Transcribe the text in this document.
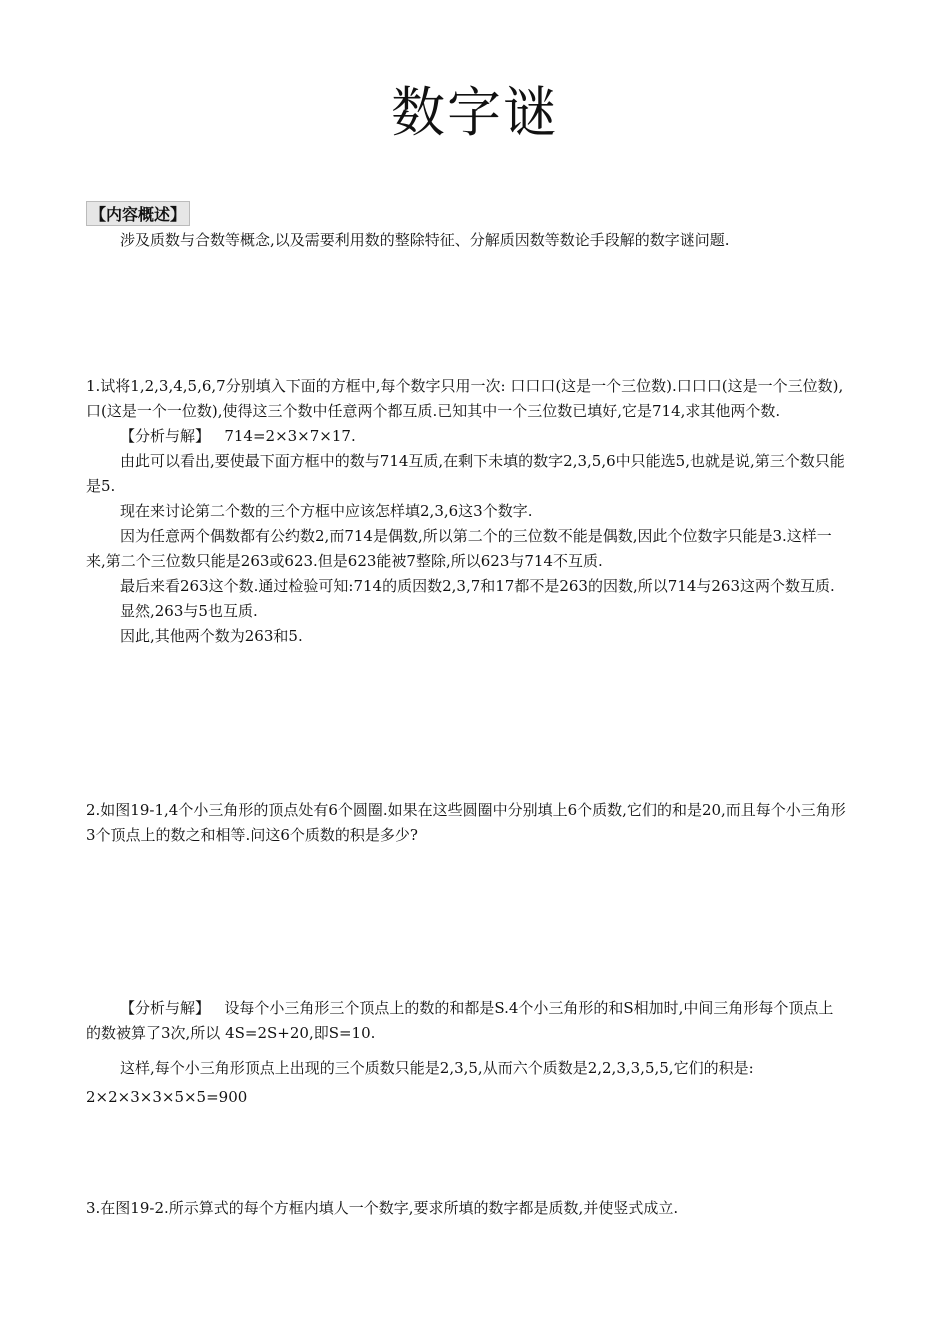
数字谜
【内容概述】

涉及质数与合数等概念,以及需要利用数的整除特征、分解质因数等数论手段解的数字谜问题.

1.试将1,2,3,4,5,6,7分别填入下面的方框中,每个数字只用一次: 口口口(这是一个三位数).口口口(这是一个三位数),口(这是一个一位数),使得这三个数中任意两个都互质.已知其中一个三位数已填好,它是714,求其他两个数.

【分析与解】 714=2×3×7×17.

由此可以看出,要使最下面方框中的数与714互质,在剩下未填的数字2,3,5,6中只能选5,也就是说,第三个数只能是5.

现在来讨论第二个数的三个方框中应该怎样填2,3,6这3个数字.

因为任意两个偶数都有公约数2,而714是偶数,所以第二个的三位数不能是偶数,因此个位数字只能是3.这样一来,第二个三位数只能是263或623.但是623能被7整除,所以623与714不互质.

最后来看263这个数.通过检验可知:714的质因数2,3,7和17都不是263的因数,所以714与263这两个数互质.

显然,263与5也互质.

因此,其他两个数为263和5.

2.如图19-1,4个小三角形的顶点处有6个圆圈.如果在这些圆圈中分别填上6个质数,它们的和是20,而且每个小三角形3个顶点上的数之和相等.问这6个质数的积是多少?

【分析与解】 设每个小三角形三个顶点上的数的和都是S.4个小三角形的和S相加时,中间三角形每个顶点上的数被算了3次,所以 4S=2S+20,即S=10.

这样,每个小三角形顶点上出现的三个质数只能是2,3,5,从而六个质数是2,2,3,3,5,5,它们的积是:

2×2×3×3×5×5=900

3.在图19-2.所示算式的每个方框内填人一个数字,要求所填的数字都是质数,并使竖式成立.
